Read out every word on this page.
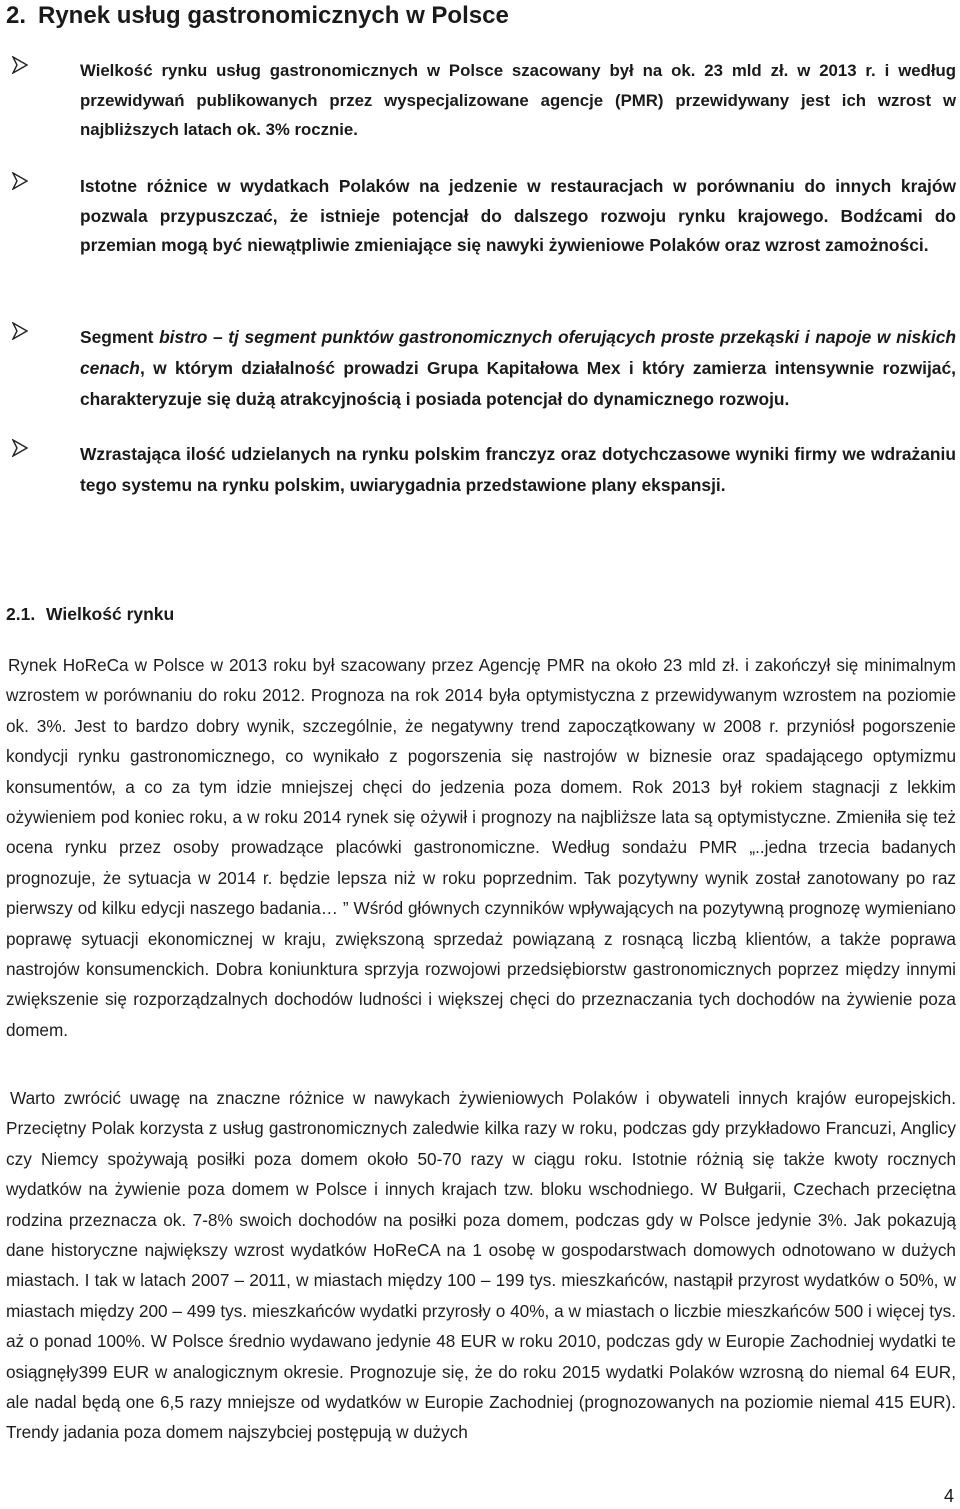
2. Rynek usług gastronomicznych w Polsce

Wielkość rynku usług gastronomicznych w Polsce szacowany był na ok. 23 mld zł. w 2013 r. i według przewidywań publikowanych przez wyspecjalizowane agencje (PMR) przewidywany jest ich wzrost w najbliższych latach ok. 3% rocznie.

Istotne różnice w wydatkach Polaków na jedzenie w restauracjach w porównaniu do innych krajów pozwala przypuszczać, że istnieje potencjał do dalszego rozwoju rynku krajowego. Bodźcami do przemian mogą być niewątpliwie zmieniające się nawyki żywieniowe Polaków oraz wzrost zamożności.

Segment bistro – tj segment punktów gastronomicznych oferujących proste przekąski i napoje w niskich cenach, w którym działalność prowadzi Grupa Kapitałowa Mex i który zamierza intensywnie rozwijać, charakteryzuje się dużą atrakcyjnością i posiada potencjał do dynamicznego rozwoju.

Wzrastająca ilość udzielanych na rynku polskim franczyz oraz dotychczasowe wyniki firmy we wdrażaniu tego systemu na rynku polskim, uwiarygadnia przedstawione plany ekspansji.

2.1. Wielkość rynku

Rynek HoReCa w Polsce w 2013 roku był szacowany przez Agencję PMR na około 23 mld zł. i zakończył się minimalnym wzrostem w porównaniu do roku 2012. Prognoza na rok 2014 była optymistyczna z przewidywanym wzrostem na poziomie ok. 3%. Jest to bardzo dobry wynik, szczególnie, że negatywny trend zapoczątkowany w 2008 r. przyniósł pogorszenie kondycji rynku gastronomicznego, co wynikało z pogorszenia się nastrojów w biznesie oraz spadającego optymizmu konsumentów, a co za tym idzie mniejszej chęci do jedzenia poza domem. Rok 2013 był rokiem stagnacji z lekkim ożywieniem pod koniec roku, a w roku 2014 rynek się ożywił i prognozy na najbliższe lata są optymistyczne. Zmieniła się też ocena rynku przez osoby prowadzące placówki gastronomiczne. Według sondażu PMR „..jedna trzecia badanych prognozuje, że sytuacja w 2014 r. będzie lepsza niż w roku poprzednim. Tak pozytywny wynik został zanotowany po raz pierwszy od kilku edycji naszego badania… ” Wśród głównych czynników wpływających na pozytywną prognozę wymieniano poprawę sytuacji ekonomicznej w kraju, zwiększoną sprzedaż powiązaną z rosnącą liczbą klientów, a także poprawa nastrojów konsumenckich. Dobra koniunktura sprzyja rozwojowi przedsiębiorstw gastronomicznych poprzez między innymi zwiększenie się rozporządzalnych dochodów ludności i większej chęci do przeznaczania tych dochodów na żywienie poza domem.

Warto zwrócić uwagę na znaczne różnice w nawykach żywieniowych Polaków i obywateli innych krajów europejskich. Przeciętny Polak korzysta z usług gastronomicznych zaledwie kilka razy w roku, podczas gdy przykładowo Francuzi, Anglicy czy Niemcy spożywają posiłki poza domem około 50-70 razy w ciągu roku. Istotnie różnią się także kwoty rocznych wydatków na żywienie poza domem w Polsce i innych krajach tzw. bloku wschodniego. W Bułgarii, Czechach przeciętna rodzina przeznacza ok. 7-8% swoich dochodów na posiłki poza domem, podczas gdy w Polsce jedynie 3%. Jak pokazują dane historyczne największy wzrost wydatków HoReCA na 1 osobę w gospodarstwach domowych odnotowano w dużych miastach. I tak w latach 2007 – 2011, w miastach między 100 – 199 tys. mieszkańców, nastąpił przyrost wydatków o 50%, w miastach między 200 – 499 tys. mieszkańców wydatki przyrosły o 40%, a w miastach o liczbie mieszkańców 500 i więcej tys. aż o ponad 100%. W Polsce średnio wydawano jedynie 48 EUR w roku 2010, podczas gdy w Europie Zachodniej wydatki te osiągnęły399 EUR w analogicznym okresie. Prognozuje się, że do roku 2015 wydatki Polaków wzrosną do niemal 64 EUR, ale nadal będą one 6,5 razy mniejsze od wydatków w Europie Zachodniej (prognozowanych na poziomie niemal 415 EUR). Trendy jadania poza domem najszybciej postępują w dużych

4
